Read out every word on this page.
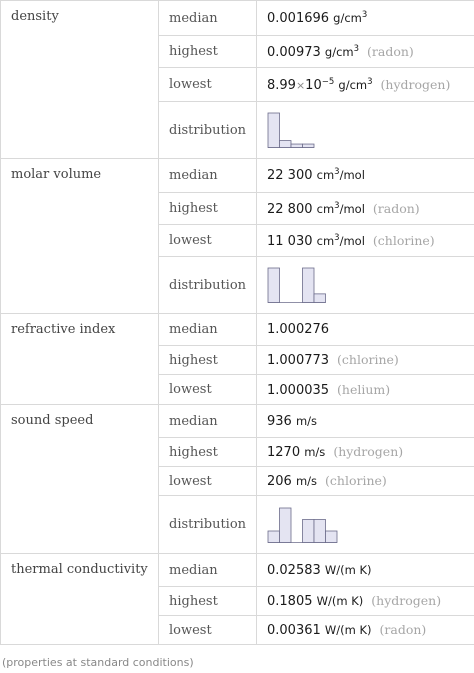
density	median	0.001696 $g/cm^3$
	highest	0.00973 $g/cm^3$ (radon)
	lowest	$8.99\times 10^{-5}$ $g/cm^3$ (hydrogen)
	distribution	

molar volume	median	22 300 $cm^3$/mol
	highest	22 800 $cm^3$/mol (radon)
	lowest	11 030 $cm^3$/mol (chlorine)
	distribution	

refractive index	median	1.000276
	highest	1.000773 (chlorine)
	lowest	1.000035 (helium)
sound speed	median	936 m/s
	highest	1270 m/s (hydrogen)
	lowest	206 m/s (chlorine)
	distribution	

thermal conductivity	median	0.02583 W/(m K)
	highest	0.1805 W/(m K) (hydrogen)
	lowest	0.00361 W/(m K) (radon)
(properties at standard conditions)
